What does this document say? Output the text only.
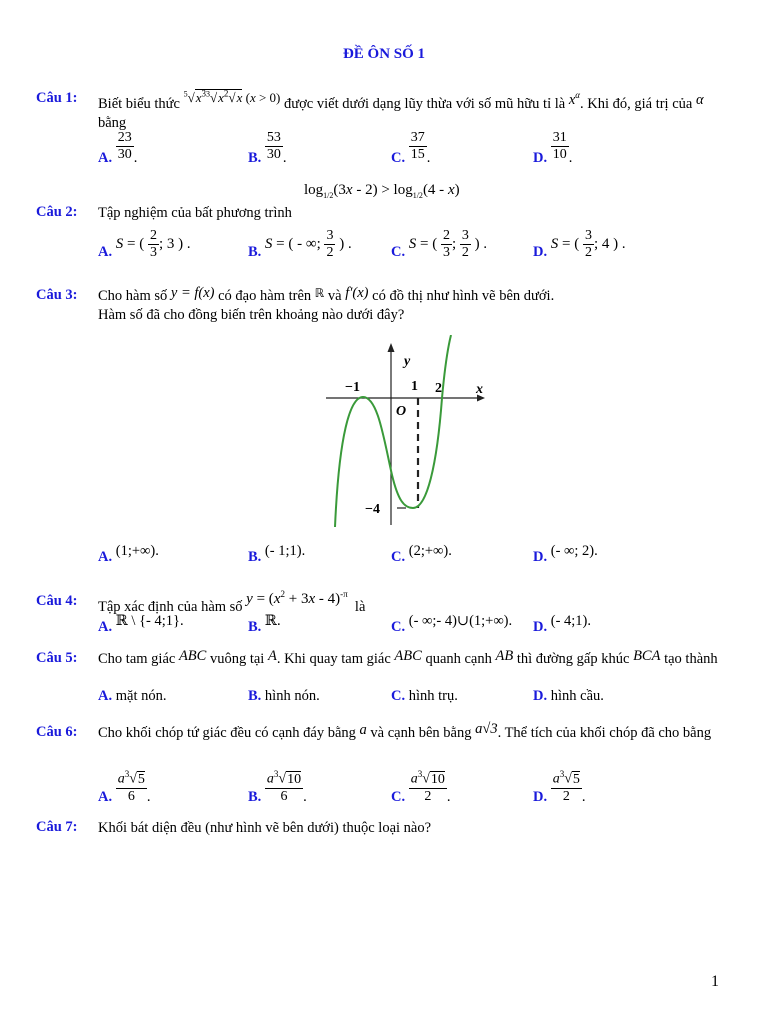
ĐỀ ÔN SỐ 1
Câu 1: Biết biểu thức $^5√x^{33}√x^2√x$ (x > 0) được viết dưới dạng lũy thừa với số mũ hữu tỉ là $x^\alpha$. Khi đó, giá trị của α bằng
A. $\frac{23}{30}$ .	B. $\frac{53}{30}$ .	C. $\frac{37}{15}$ .	D. $\frac{31}{10}$ .
Câu 2: Tập nghiệm của bất phương trình
$\log_{1/2}(3x - 2) > \log_{1/2}(4 - x)$
A. S = ( $\frac{2}{3}$ ; 3 ) .	B. S = ( - ∞; $\frac{3}{2}$ ) .	C. S = ( $\frac{2}{3}$ ; $\frac{3}{2}$ ) .	D. S = ( $\frac{3}{2}$ ; 4 ) .
Câu 3: Cho hàm số y = f(x) có đạo hàm trên $^ℝ$ và f′(x) có đồ thị như hình vẽ bên dưới.
Hàm số đã cho đồng biến trên khoảng nào dưới đây?
y
x
O
−1	1 2
−4
A. (1;+∞).	B. (- 1;1).	C. (2;+∞).	D. (- ∞; 2).
Câu 4: Tập xác định của hàm số $y = (x^2 + 3x - 4)^{-\pi}$  là
A. ℝ \ {- 4;1}.	B. ℝ.	C. (- ∞;- 4)∪(1;+∞). D. (- 4;1).
Câu 5: Cho tam giác ABC vuông tại A. Khi quay tam giác ABC quanh cạnh AB thì đường gấp khúc BCA tạo thành
A. mặt nón.	B. hình nón.	C. hình trụ.	D. hình cầu.
Câu 6: Cho khối chóp tứ giác đều có cạnh đáy bằng a và cạnh bên bằng a√3. Thể tích của khối chóp đã cho bằng
A. $\frac{a^3√5}{6}$ .	B. $\frac{a^3√10}{6}$ .	C. $\frac{a^3√10}{2}$ .	D. $\frac{a^3√5}{2}$ .
Câu 7: Khối bát diện đều (như hình vẽ bên dưới) thuộc loại nào?
1
